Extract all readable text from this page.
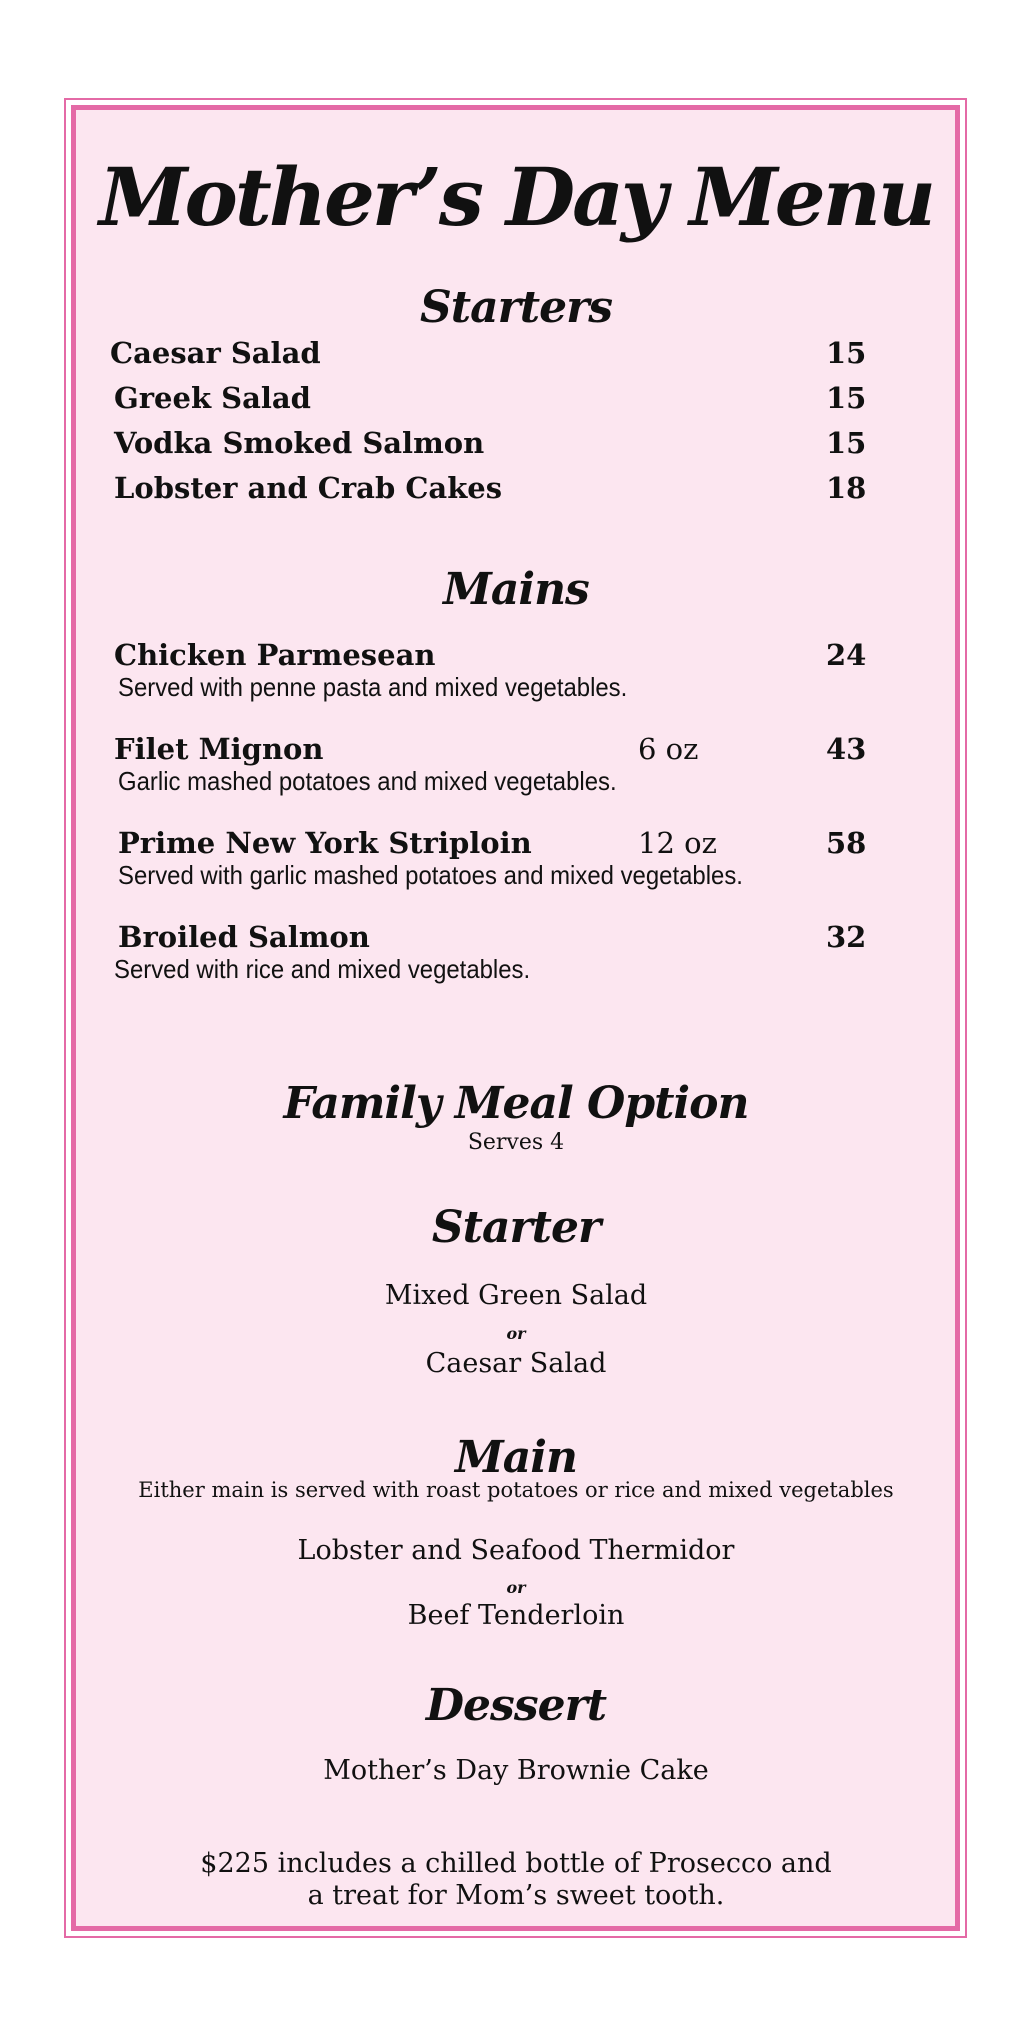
Mother’s Day Menu
Starters
Caesar Salad	15
Greek Salad	15
Vodka Smoked Salmon	15
Lobster and Crab Cakes	18
Mains
Chicken Parmesean	24
Served with penne pasta and mixed vegetables.
Filet Mignon	6 oz	43
Garlic mashed potatoes and mixed vegetables.
Prime New York Striploin	12 oz	58
Served with garlic mashed potatoes and mixed vegetables.
Broiled Salmon	32
Served with rice and mixed vegetables.
Family Meal Option
Serves 4
Starter
Mixed Green Salad
or
Caesar Salad
Main
Either main is served with roast potatoes or rice and mixed vegetables
Lobster and Seafood Thermidor
or
Beef Tenderloin
Dessert
Mother’s Day Brownie Cake
$225 includes a chilled bottle of Prosecco and
a treat for Mom’s sweet tooth.
